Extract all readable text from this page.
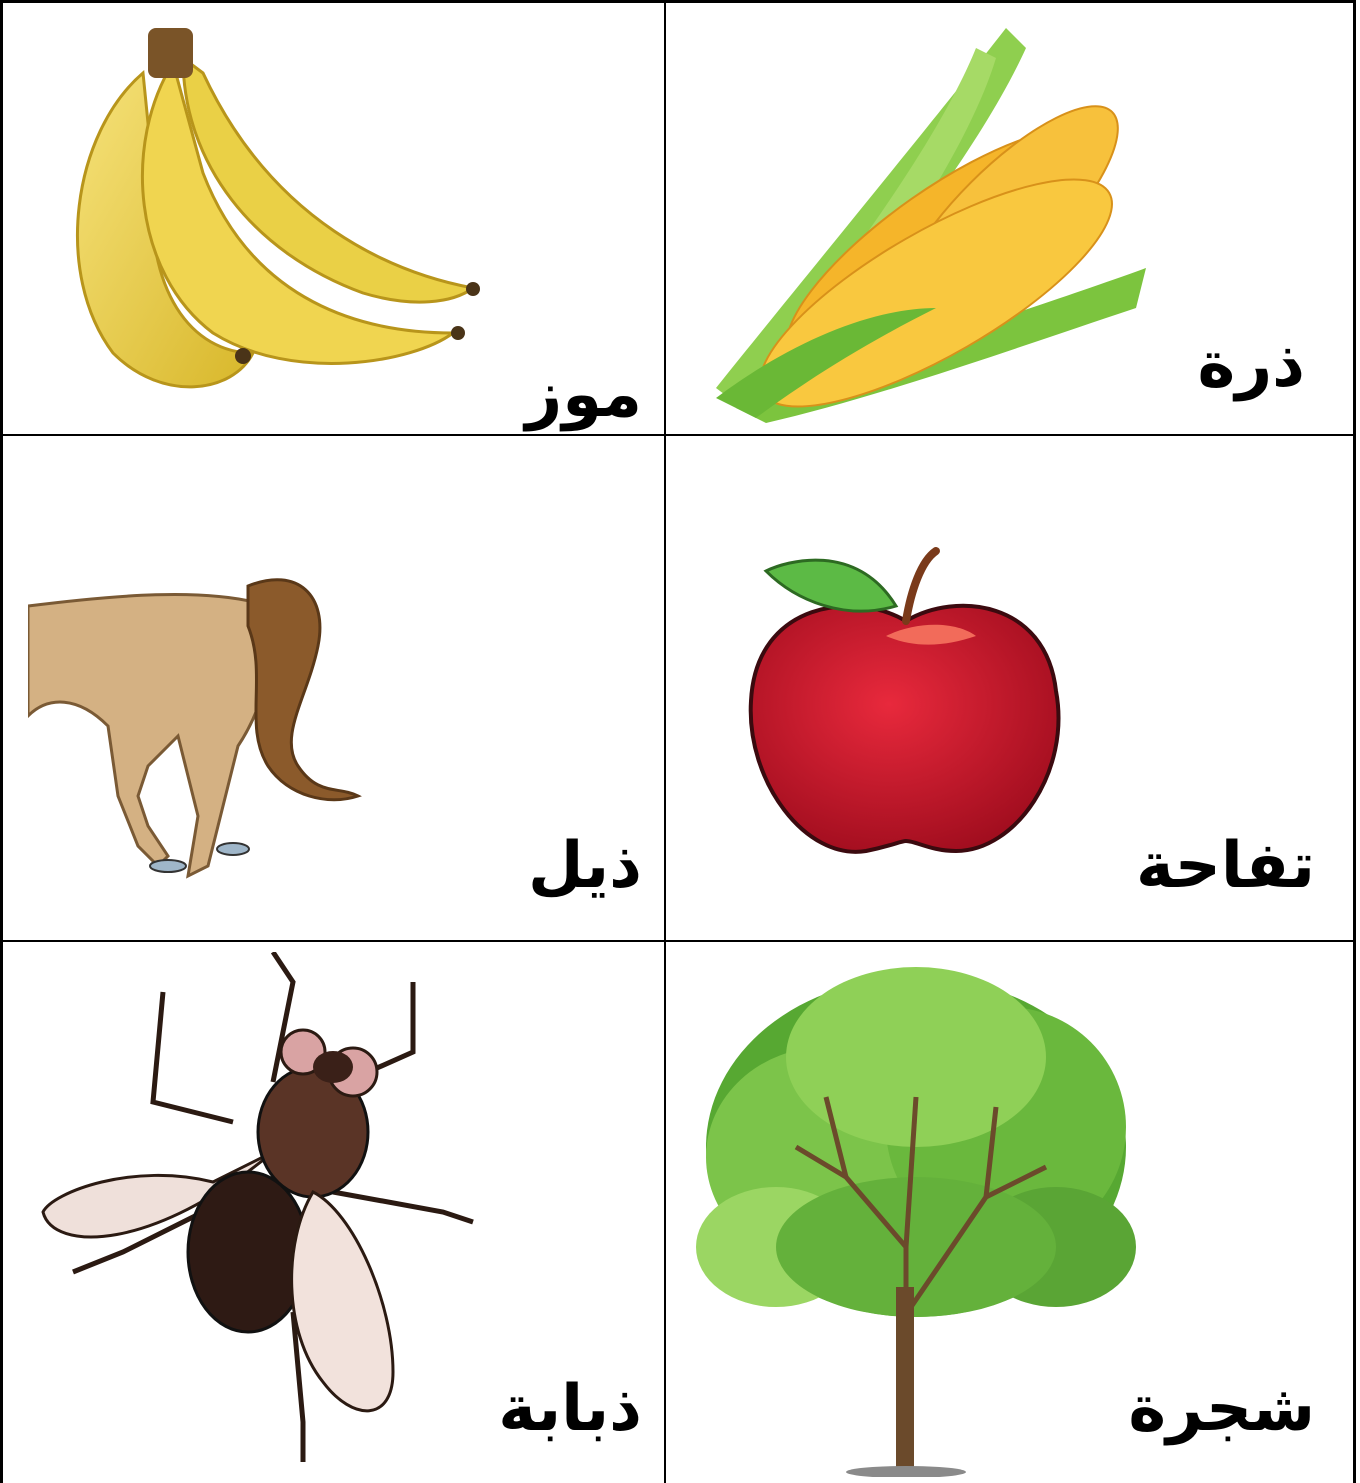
موز	ذرة
ذيل	تفاحة
ذبابة	شجرة
